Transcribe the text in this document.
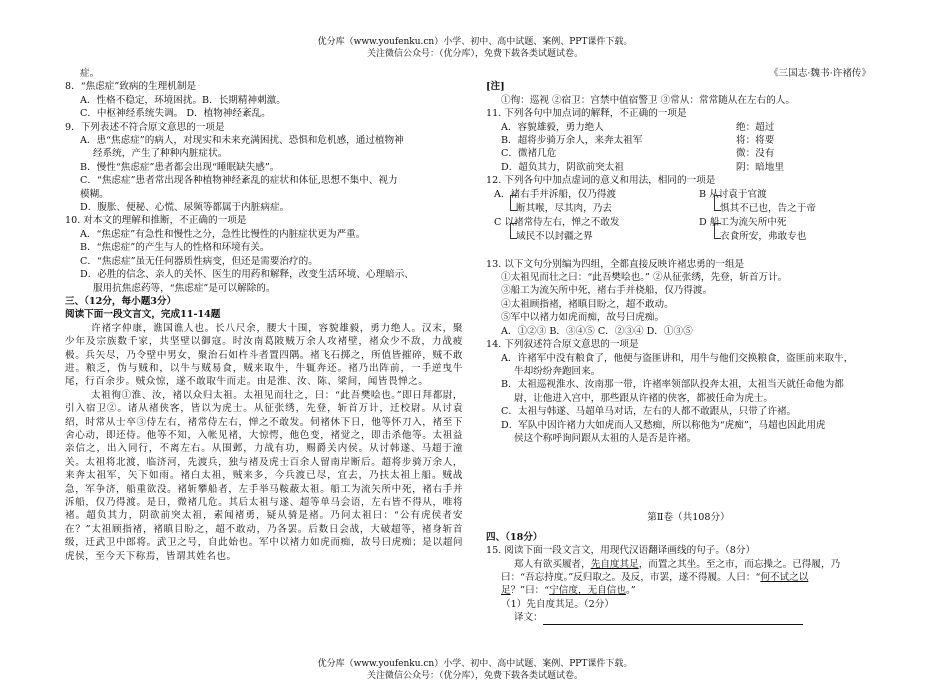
优分库（www.youfenku.cn）小学、初中、高中试题、案例、PPT课件下载。
关注微信公众号：（优分库），免费下载各类试题试卷。

症。

8．“焦虑症”致病的生理机制是

A．性格不稳定，环境困扰。B．长期精神刺激。

C．中枢神经系统失调。 D．植物神经紊乱。

9．下列表述不符合原文意思的一项是

A．患“焦虑症”的病人，对现实和未来充满困扰、恐惧和危机感，通过植物神

经系统，产生了种种内脏症状。

B．慢性“焦虑症”患者都会出现“睡眠缺失感”。

C．“焦虑症”患者常出现各种植物神经紊乱的症状和体征,思想不集中、视力

模糊。

D．腹胀、便秘、心慌、尿频等都属于内脏病症。

10. 对本文的理解和推断，不正确的一项是

A．“焦虑症”有急性和慢性之分，急性比慢性的内脏症状更为严重。

B．“焦虑症”的产生与人的性格和环境有关。

C．“焦虑症”虽无任何器质性病变，但还是需要治疗的。

D．必胜的信念、亲人的关怀、医生的用药和解释，改变生活环境、心理暗示、

服用抗焦虑药等，“焦虑症”是可以解除的。

三、（12分，每小题3分）

阅读下面一段文言文，完成11-14题

许褚字仲康，谯国谯人也。长八尺余，腰大十围，容貌雄毅，勇力绝人。汉末，聚少年及宗族数千家，共坚壁以御寇。时汝南葛陂贼万余人攻褚壁，褚众少不敌，力战疲极。兵矢尽，乃令壁中男女，聚治石如杵斗者置四隅。褚飞石掷之，所值皆摧碎，贼不敢进。粮乏，伪与贼和，以牛与贼易食，贼来取牛，牛辄奔还。褚乃出阵前，一手逆曳牛尾，行百余步。贼众惊，遂不敢取牛而走。由是淮、汝、陈、梁间，闻皆畏惮之。

太祖徇①淮、汝，褚以众归太祖。太祖见而壮之，曰：“此吾樊哙也。”即日拜都尉，引入宿卫②。诸从褚侠客，皆以为虎士。从征张绣，先登，斩首万计，迁校尉。从讨袁绍，时常从士卒③侍左右，褚常侍左右，惮之不敢发。伺褚休下日，他等怀刀入，褚至下舍心动，即还侍。他等不知，入帐见褚，大惊愕，他色变，褚觉之，即击杀他等。太祖益亲信之，出入同行，不离左右。从围邺，力战有功，赐爵关内侯。从讨韩遂、马超于潼关。太祖将北渡，临济河，先渡兵，独与褚及虎士百余人留南岸断后。超将步骑万余人，来奔太祖军，矢下如雨。褚白太祖，贼来多，今兵渡已尽，宜去，乃扶太祖上船。贼战急，军争济，船重欲没。褚斩攀船者，左手举马鞍蔽太祖。船工为流矢所中死，褚右手并泝船，仅乃得渡。是日，微褚几危。其后太祖与遂、超等单马会语，左右皆不得从，唯将褚。超负其力，阴欲前突太祖，素闻褚勇，疑从骑是褚。乃问太祖曰：“公有虎侯者安在？”太祖顾指褚，褚瞋目盼之，超不敢动，乃各罢。后数日会战，大破超等，褚身斩首级，迁武卫中郎将。武卫之号，自此始也。军中以褚力如虎而痴，故号曰虎痴；是以超问虎侯，至今天下称焉，皆谓其姓名也。

《三国志·魏书·许褚传》

[注]

①徇：巡视 ②宿卫：宫禁中值宿警卫 ③常从：常常随从在左右的人。

11. 下列各句中加点词的解释，不正确的一项是

A．容貌雄毅，勇力绝人	绝：超过
B．超将步骑万余人，来奔太祖军	将：将要
C．微褚几危	微：没有
D．超负其力，阴欲前突太祖	阴：暗地里

12. 下列各句中加点虚词的意义和用法，相同的一项是

A．褚右手并泝船，仅乃得渡
断其喉，尽其肉，乃去
B 从讨袁于官渡
惧其不已也，告之于帝
C 以褚常侍左右，惮之不敢发
域民不以封疆之界
D 船工为流矢所中死
衣食所安，弗敢专也

13. 以下文句分别编为四组，全都直接反映许褚忠勇的一组是

①太祖见而壮之曰：“此吾樊哙也。” ②从征张绣，先登，斩首万计。

③船工为流矢所中死，褚右手并桡船，仅乃得渡。

④太祖顾指褚，褚瞋目盼之，超不敢动。

⑤军中以褚力如虎而痴，故号曰虎痴。

A．①②③ B．③④⑤ C．②③④ D．①③⑤

14. 下列叙述符合原文意思的一项是

A．许褚军中没有粮食了，他便与盗匪讲和，用牛与他们交换粮食，盗匪前来取牛，

牛却纷纷奔跑回来。

B．太祖巡视淮水、汝南那一带，许褚率领部队投奔太祖，太祖当天就任命他为都

尉，让他进入宫中，那些跟从许褚的侠客，都被任命为虎士。

C．太祖与韩遂、马超单马对话，左右的人都不敢跟从，只带了许褚。

D．军队中因许褚力大如虎而人又愁痴，所以称他为“虎痴”，马超也因此用虎

侯这个称呼询问跟从太祖的人是否是许褚。

第Ⅱ卷（共108分）

四、（18分）

15. 阅读下面一段文言文，用现代汉语翻译画线的句子。（8分）

郑人有欲买履者，先自度其足，而置之其坐。至之市，而忘操之。已得履，乃

曰：“吾忘持度。”反归取之。及反，市罢，遂不得履。人曰：“何不试之以

足？”曰：“宁信度，无自信也。”

（1）先自度其足。（2分）

译文：

优分库（www.youfenku.cn）小学、初中、高中试题、案例、PPT课件下载。
关注微信公众号：（优分库），免费下载各类试题试卷。
